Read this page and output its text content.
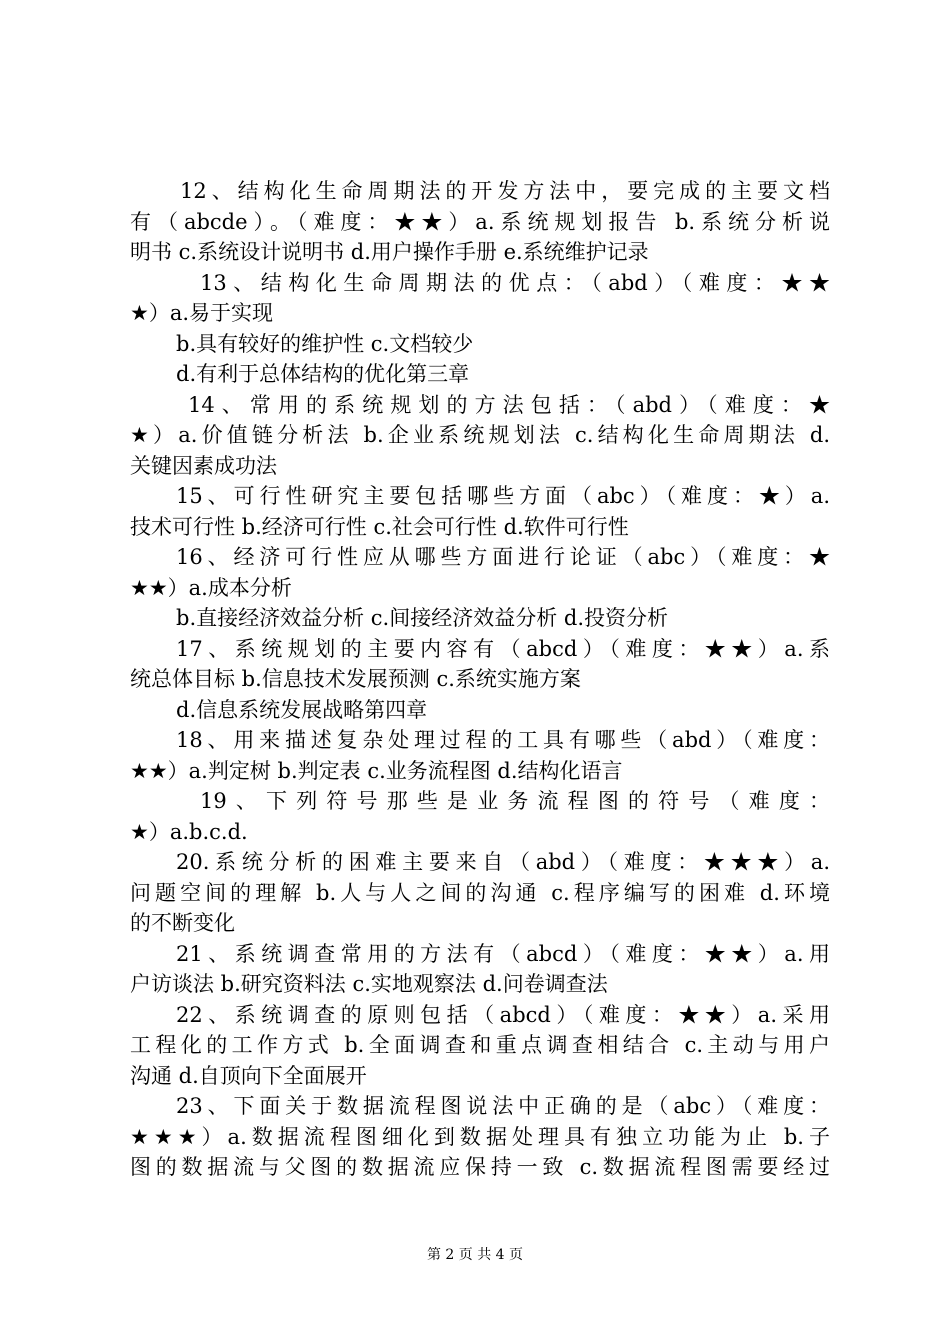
12、结构化生命周期法的开发方法中，要完成的主要文档
有（abcde）。（难度：★★）a.系统规划报告 b.系统分析说
明书 c.系统设计说明书 d.用户操作手册 e.系统维护记录
13、结构化生命周期法的优点：（abd）（难度：★★
★）a.易于实现
b.具有较好的维护性 c.文档较少
d.有利于总体结构的优化第三章
14、常用的系统规划的方法包括：（abd）（难度：★
★）a.价值链分析法 b.企业系统规划法 c.结构化生命周期法 d.
关键因素成功法
15、可行性研究主要包括哪些方面（abc）（难度：★）a.
技术可行性 b.经济可行性 c.社会可行性 d.软件可行性
16、经济可行性应从哪些方面进行论证（abc）（难度：★
★★）a.成本分析
b.直接经济效益分析 c.间接经济效益分析 d.投资分析
17、系统规划的主要内容有（abcd）（难度：★★）a.系
统总体目标 b.信息技术发展预测 c.系统实施方案
d.信息系统发展战略第四章
18、用来描述复杂处理过程的工具有哪些（abd）（难度：
★★）a.判定树 b.判定表 c.业务流程图 d.结构化语言
19、下列符号那些是业务流程图的符号（难度：
★）a.b.c.d.
20.系统分析的困难主要来自（abd）（难度：★★★）a.
问题空间的理解 b.人与人之间的沟通 c.程序编写的困难 d.环境
的不断变化
21、系统调查常用的方法有（abcd）（难度：★★）a.用
户访谈法 b.研究资料法 c.实地观察法 d.问卷调查法
22、系统调查的原则包括（abcd）（难度：★★）a.采用
工程化的工作方式 b.全面调查和重点调查相结合 c.主动与用户
沟通 d.自顶向下全面展开
23、下面关于数据流程图说法中正确的是（abc）（难度：
★★★）a.数据流程图细化到数据处理具有独立功能为止 b.子
图的数据流与父图的数据流应保持一致 c.数据流程图需要经过
第 2 页 共 4 页
